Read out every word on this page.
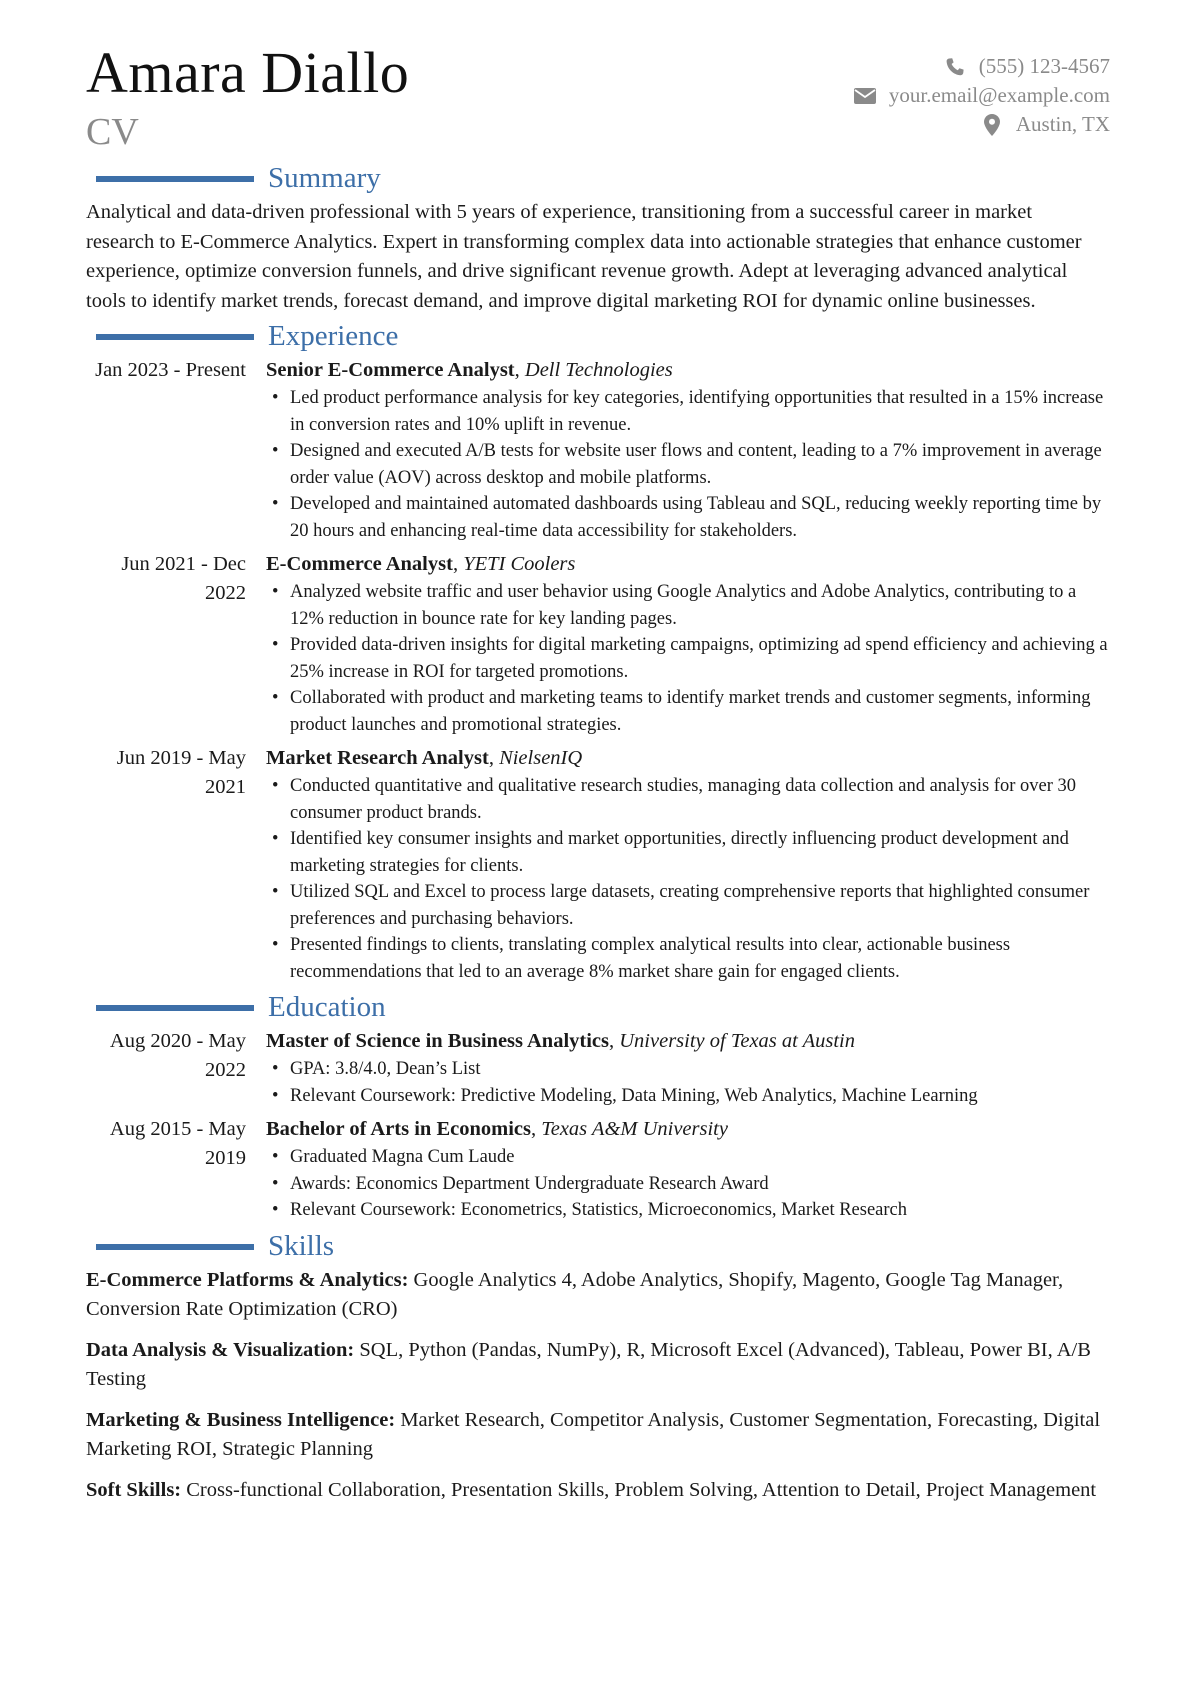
Amara Diallo
CV
(555) 123-4567
your.email@example.com
Austin, TX
Summary

Analytical and data-driven professional with 5 years of experience, transitioning from a successful career in market research to E-Commerce Analytics. Expert in transforming complex data into actionable strategies that enhance customer experience, optimize conversion funnels, and drive significant revenue growth. Adept at leveraging advanced analytical tools to identify market trends, forecast demand, and improve digital marketing ROI for dynamic online businesses.

Experience
Jan 2023 - Present Senior E-Commerce Analyst, Dell Technologies
• Led product performance analysis for key categories, identifying opportunities that resulted in a 15% increase in conversion rates and 10% uplift in revenue.
• Designed and executed A/B tests for website user flows and content, leading to a 7% improvement in average order value (AOV) across desktop and mobile platforms.
• Developed and maintained automated dashboards using Tableau and SQL, reducing weekly reporting time by 20 hours and enhancing real-time data accessibility for stakeholders.
Jun 2021 - Dec 2022
E-Commerce Analyst, YETI Coolers
• Analyzed website traffic and user behavior using Google Analytics and Adobe Analytics, contributing to a 12% reduction in bounce rate for key landing pages.
• Provided data-driven insights for digital marketing campaigns, optimizing ad spend efficiency and achieving a 25% increase in ROI for targeted promotions.
• Collaborated with product and marketing teams to identify market trends and customer segments, informing product launches and promotional strategies.
Jun 2019 - May 2021
Market Research Analyst, NielsenIQ
• Conducted quantitative and qualitative research studies, managing data collection and analysis for over 30 consumer product brands.
• Identified key consumer insights and market opportunities, directly influencing product development and marketing strategies for clients.
• Utilized SQL and Excel to process large datasets, creating comprehensive reports that highlighted consumer preferences and purchasing behaviors.
• Presented findings to clients, translating complex analytical results into clear, actionable business recommendations that led to an average 8% market share gain for engaged clients.
Education
Aug 2020 - May 2022
Master of Science in Business Analytics, University of Texas at Austin
• GPA: 3.8/4.0, Dean’s List
• Relevant Coursework: Predictive Modeling, Data Mining, Web Analytics, Machine Learning
Aug 2015 - May 2019
Bachelor of Arts in Economics, Texas A&M University
• Graduated Magna Cum Laude
• Awards: Economics Department Undergraduate Research Award
• Relevant Coursework: Econometrics, Statistics, Microeconomics, Market Research
Skills
E-Commerce Platforms & Analytics: Google Analytics 4, Adobe Analytics, Shopify, Magento, Google Tag Manager, Conversion Rate Optimization (CRO)
Data Analysis & Visualization: SQL, Python (Pandas, NumPy), R, Microsoft Excel (Advanced), Tableau, Power BI, A/B Testing
Marketing & Business Intelligence: Market Research, Competitor Analysis, Customer Segmentation, Forecasting, Digital Marketing ROI, Strategic Planning
Soft Skills: Cross-functional Collaboration, Presentation Skills, Problem Solving, Attention to Detail, Project Management
